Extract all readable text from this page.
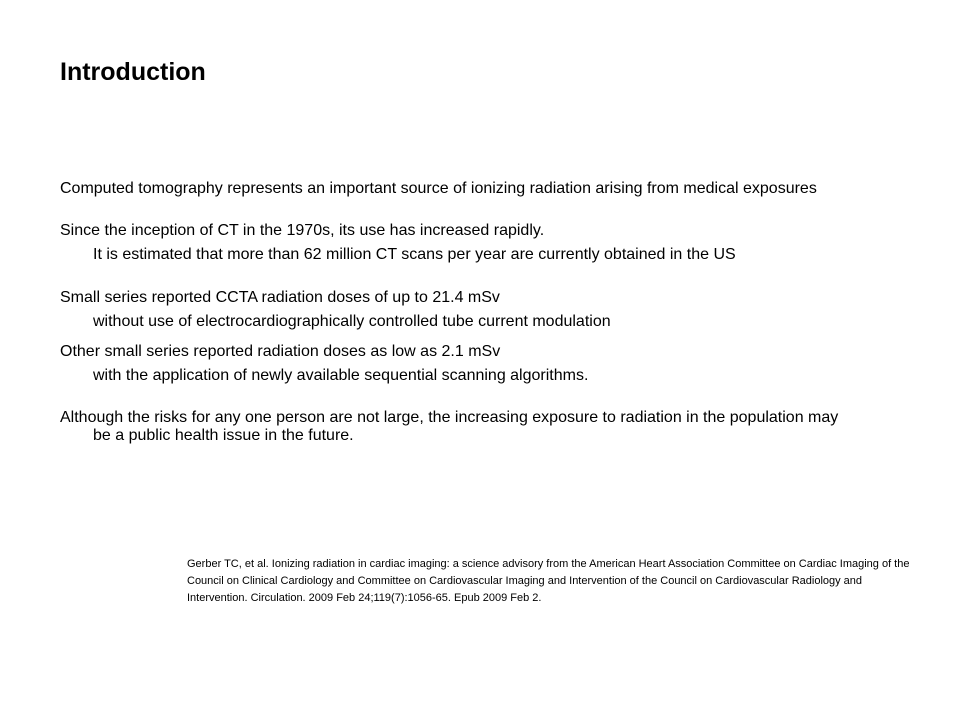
Introduction

Computed tomography represents an important source of ionizing radiation arising from medical exposures

Since the inception of CT in the 1970s, its use has increased rapidly.

It is estimated that more than 62 million CT scans per year are currently obtained in the US

Small series reported CCTA radiation doses of up to 21.4 mSv

without use of electrocardiographically controlled tube current modulation

Other small series reported radiation doses as low as 2.1 mSv

with the application of newly available sequential scanning algorithms.

Although the risks for any one person are not large, the increasing exposure to radiation in the population may be a public health issue in the future.

Gerber TC, et al. Ionizing radiation in cardiac imaging: a science advisory from the American Heart Association Committee on Cardiac Imaging of the Council on Clinical Cardiology and Committee on Cardiovascular Imaging and Intervention of the Council on Cardiovascular Radiology and Intervention. Circulation. 2009 Feb 24;119(7):1056-65. Epub 2009 Feb 2.
